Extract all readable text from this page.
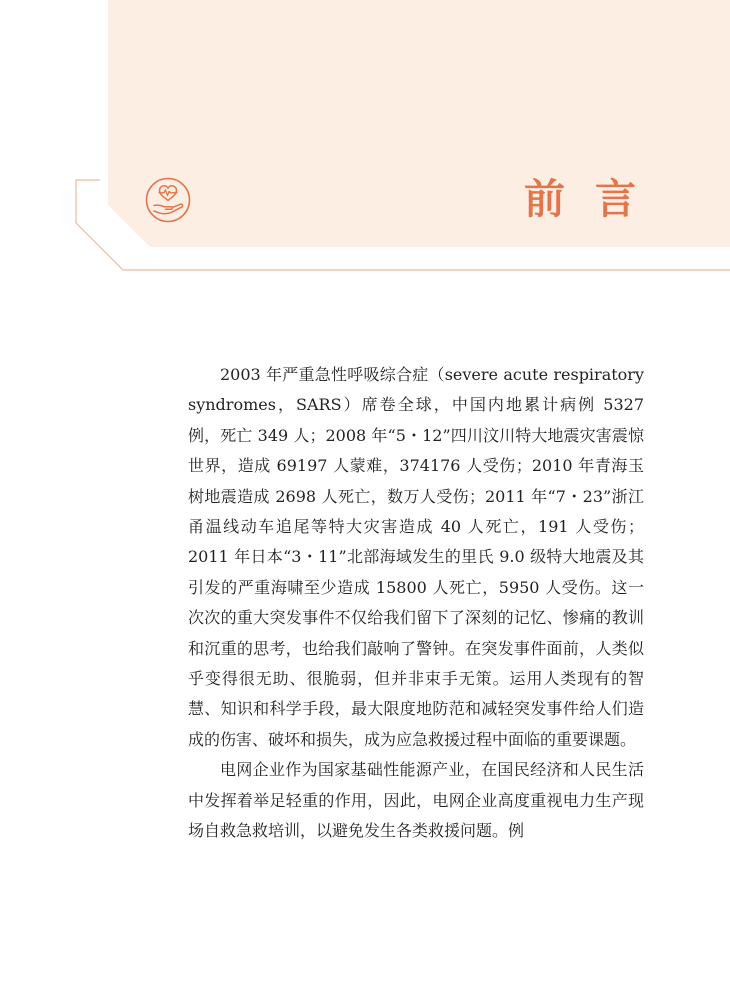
前言

2003 年严重急性呼吸综合症（severe acute respiratory syndromes，SARS）席卷全球，中国内地累计病例 5327 例，死亡 349 人；2008 年“5・12”四川汶川特大地震灾害震惊世界，造成 69197 人蒙难，374176 人受伤；2010 年青海玉树地震造成 2698 人死亡，数万人受伤；2011 年“7・23”浙江甬温线动车追尾等特大灾害造成 40 人死亡，191 人受伤；2011 年日本“3・11”北部海域发生的里氏 9.0 级特大地震及其引发的严重海啸至少造成 15800 人死亡，5950 人受伤。这一次次的重大突发事件不仅给我们留下了深刻的记忆、惨痛的教训和沉重的思考，也给我们敲响了警钟。在突发事件面前，人类似乎变得很无助、很脆弱，但并非束手无策。运用人类现有的智慧、知识和科学手段，最大限度地防范和减轻突发事件给人们造成的伤害、破坏和损失，成为应急救援过程中面临的重要课题。

电网企业作为国家基础性能源产业，在国民经济和人民生活中发挥着举足轻重的作用，因此，电网企业高度重视电力生产现场自救急救培训，以避免发生各类救援问题。例
